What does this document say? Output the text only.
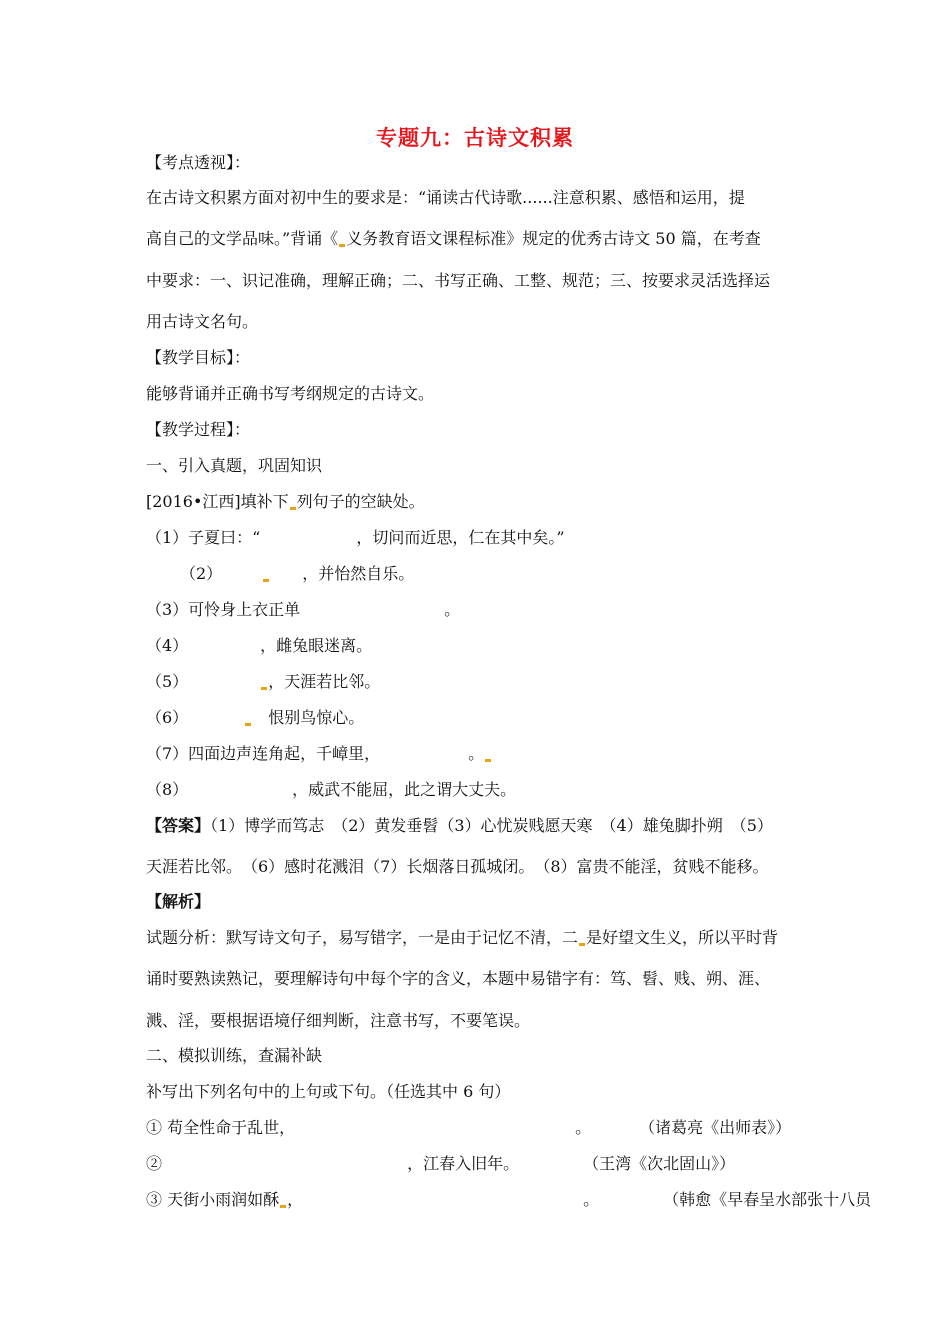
专题九：古诗文积累
【考点透视】：
在古诗文积累方面对初中生的要求是：“诵读古代诗歌......注意积累、感悟和运用，提
高自己的文学品味。”背诵《 义务教育语文课程标准》规定的优秀古诗文 50 篇，在考查
中要求：一、识记准确，理解正确；二、书写正确、工整、规范；三、按要求灵活选择运
用古诗文名句。
【教学目标】：
能够背诵并正确书写考纲规定的古诗文。
【教学过程】：
一、引入真题，巩固知识
[2016•江西]填补下 列句子的空缺处。
（1）子夏曰：“　　　　　　，切问而近思，仁在其中矣。”
（2）　　　　　，并怡然自乐。
（3）可怜身上衣正单　　　　　　　　　。
（4）　　　　　，雌兔眼迷离。
（5）　　　　　，天涯若比邻。
（6）　　　　　恨别鸟惊心。
（7）四面边声连角起，千嶂里，　　　　　　。
（8）　　　　　　　，威武不能屈，此之谓大丈夫。
【答案】（1）博学而笃志　（2）黄发垂髫（3）心忧炭贱愿天寒　（4）雄兔脚扑朔　（5）
天涯若比邻。　（6）感时花溅泪（7）长烟落日孤城闭。　（8）富贵不能淫，贫贱不能移。
【解析】
试题分析：默写诗文句子，易写错字，一是由于记忆不清，二 是好望文生义，所以平时背
诵时要熟读熟记，要理解诗句中每个字的含义，本题中易错字有：笃、髫、贱、朔、涯、
溅、淫，要根据语境仔细判断，注意书写，不要笔误。
二、模拟训练，查漏补缺
补写出下列名句中的上句或下句。（任选其中 6 句）
① 苟全性命于乱世，　　　　　　　　　　　　　　　　　　。　　　　（诸葛亮《出师表》）
② 　　　　　　　　　　　　　　　，江春入旧年。　　　　　（王湾《次北固山》）
③ 天街小雨润如酥 ，　　　　　　　　　　　　　　　　　　。　　　　　（韩愈《早春呈水部张十八员
